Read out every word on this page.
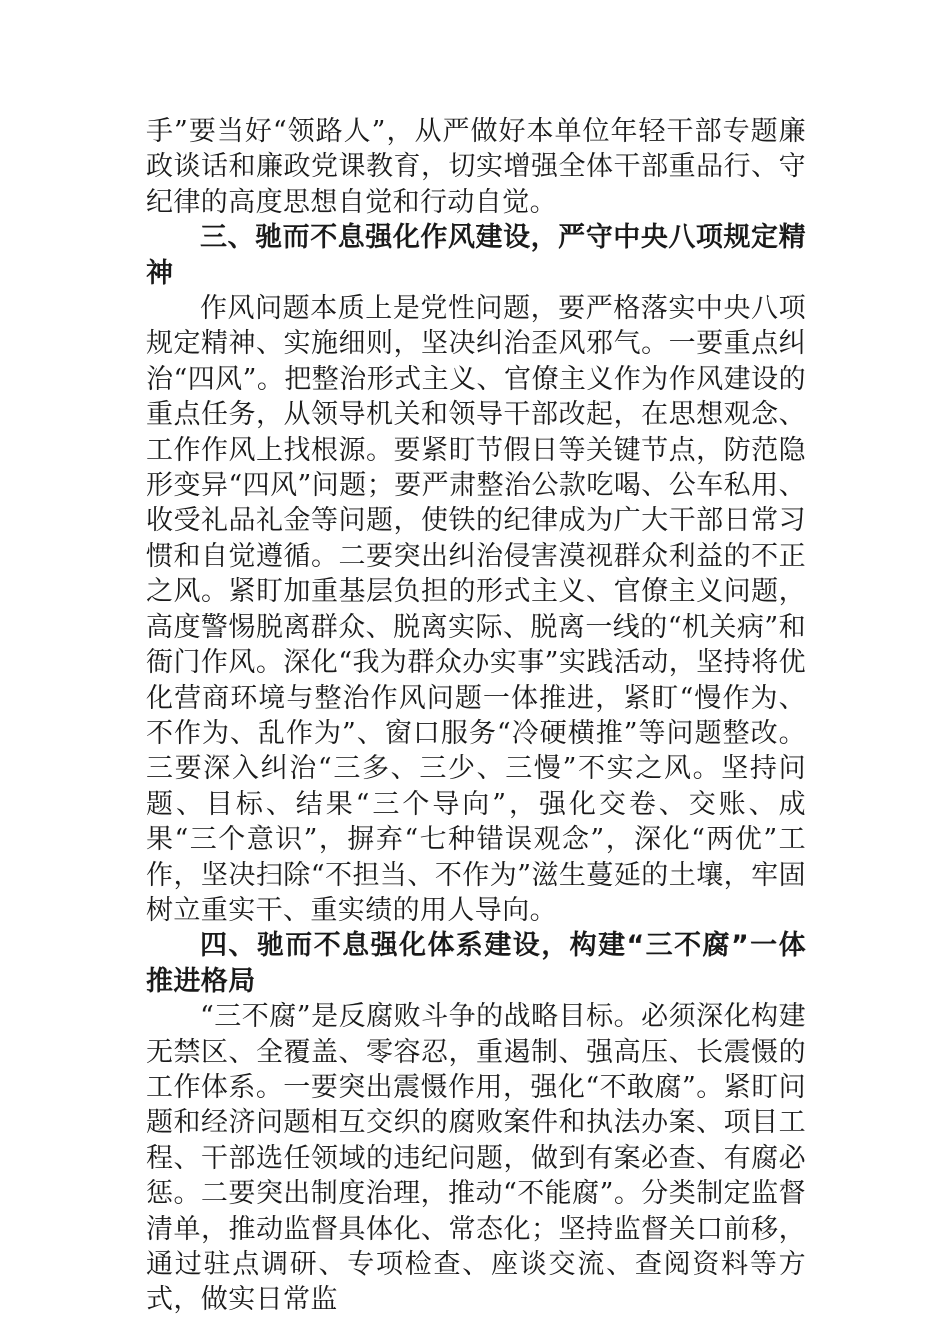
手”要当好“领路人”，从严做好本单位年轻干部专题廉政谈话和廉政党课教育，切实增强全体干部重品行、守纪律的高度思想自觉和行动自觉。

三、驰而不息强化作风建设，严守中央八项规定精神

作风问题本质上是党性问题，要严格落实中央八项规定精神、实施细则，坚决纠治歪风邪气。一要重点纠治“四风”。把整治形式主义、官僚主义作为作风建设的重点任务，从领导机关和领导干部改起，在思想观念、工作作风上找根源。要紧盯节假日等关键节点，防范隐形变异“四风”问题；要严肃整治公款吃喝、公车私用、收受礼品礼金等问题，使铁的纪律成为广大干部日常习惯和自觉遵循。二要突出纠治侵害漠视群众利益的不正之风。紧盯加重基层负担的形式主义、官僚主义问题，高度警惕脱离群众、脱离实际、脱离一线的“机关病”和衙门作风。深化“我为群众办实事”实践活动，坚持将优化营商环境与整治作风问题一体推进，紧盯“慢作为、不作为、乱作为”、窗口服务“冷硬横推”等问题整改。三要深入纠治“三多、三少、三慢”不实之风。坚持问题、目标、结果“三个导向”，强化交卷、交账、成果“三个意识”，摒弃“七种错误观念”，深化“两优”工作，坚决扫除“不担当、不作为”滋生蔓延的土壤，牢固树立重实干、重实绩的用人导向。

四、驰而不息强化体系建设，构建“三不腐”一体推进格局

“三不腐”是反腐败斗争的战略目标。必须深化构建无禁区、全覆盖、零容忍，重遏制、强高压、长震慑的工作体系。一要突出震慑作用，强化“不敢腐”。紧盯问题和经济问题相互交织的腐败案件和执法办案、项目工程、干部选任领域的违纪问题，做到有案必查、有腐必惩。二要突出制度治理，推动“不能腐”。分类制定监督清单，推动监督具体化、常态化；坚持监督关口前移，通过驻点调研、专项检查、座谈交流、查阅资料等方式，做实日常监
